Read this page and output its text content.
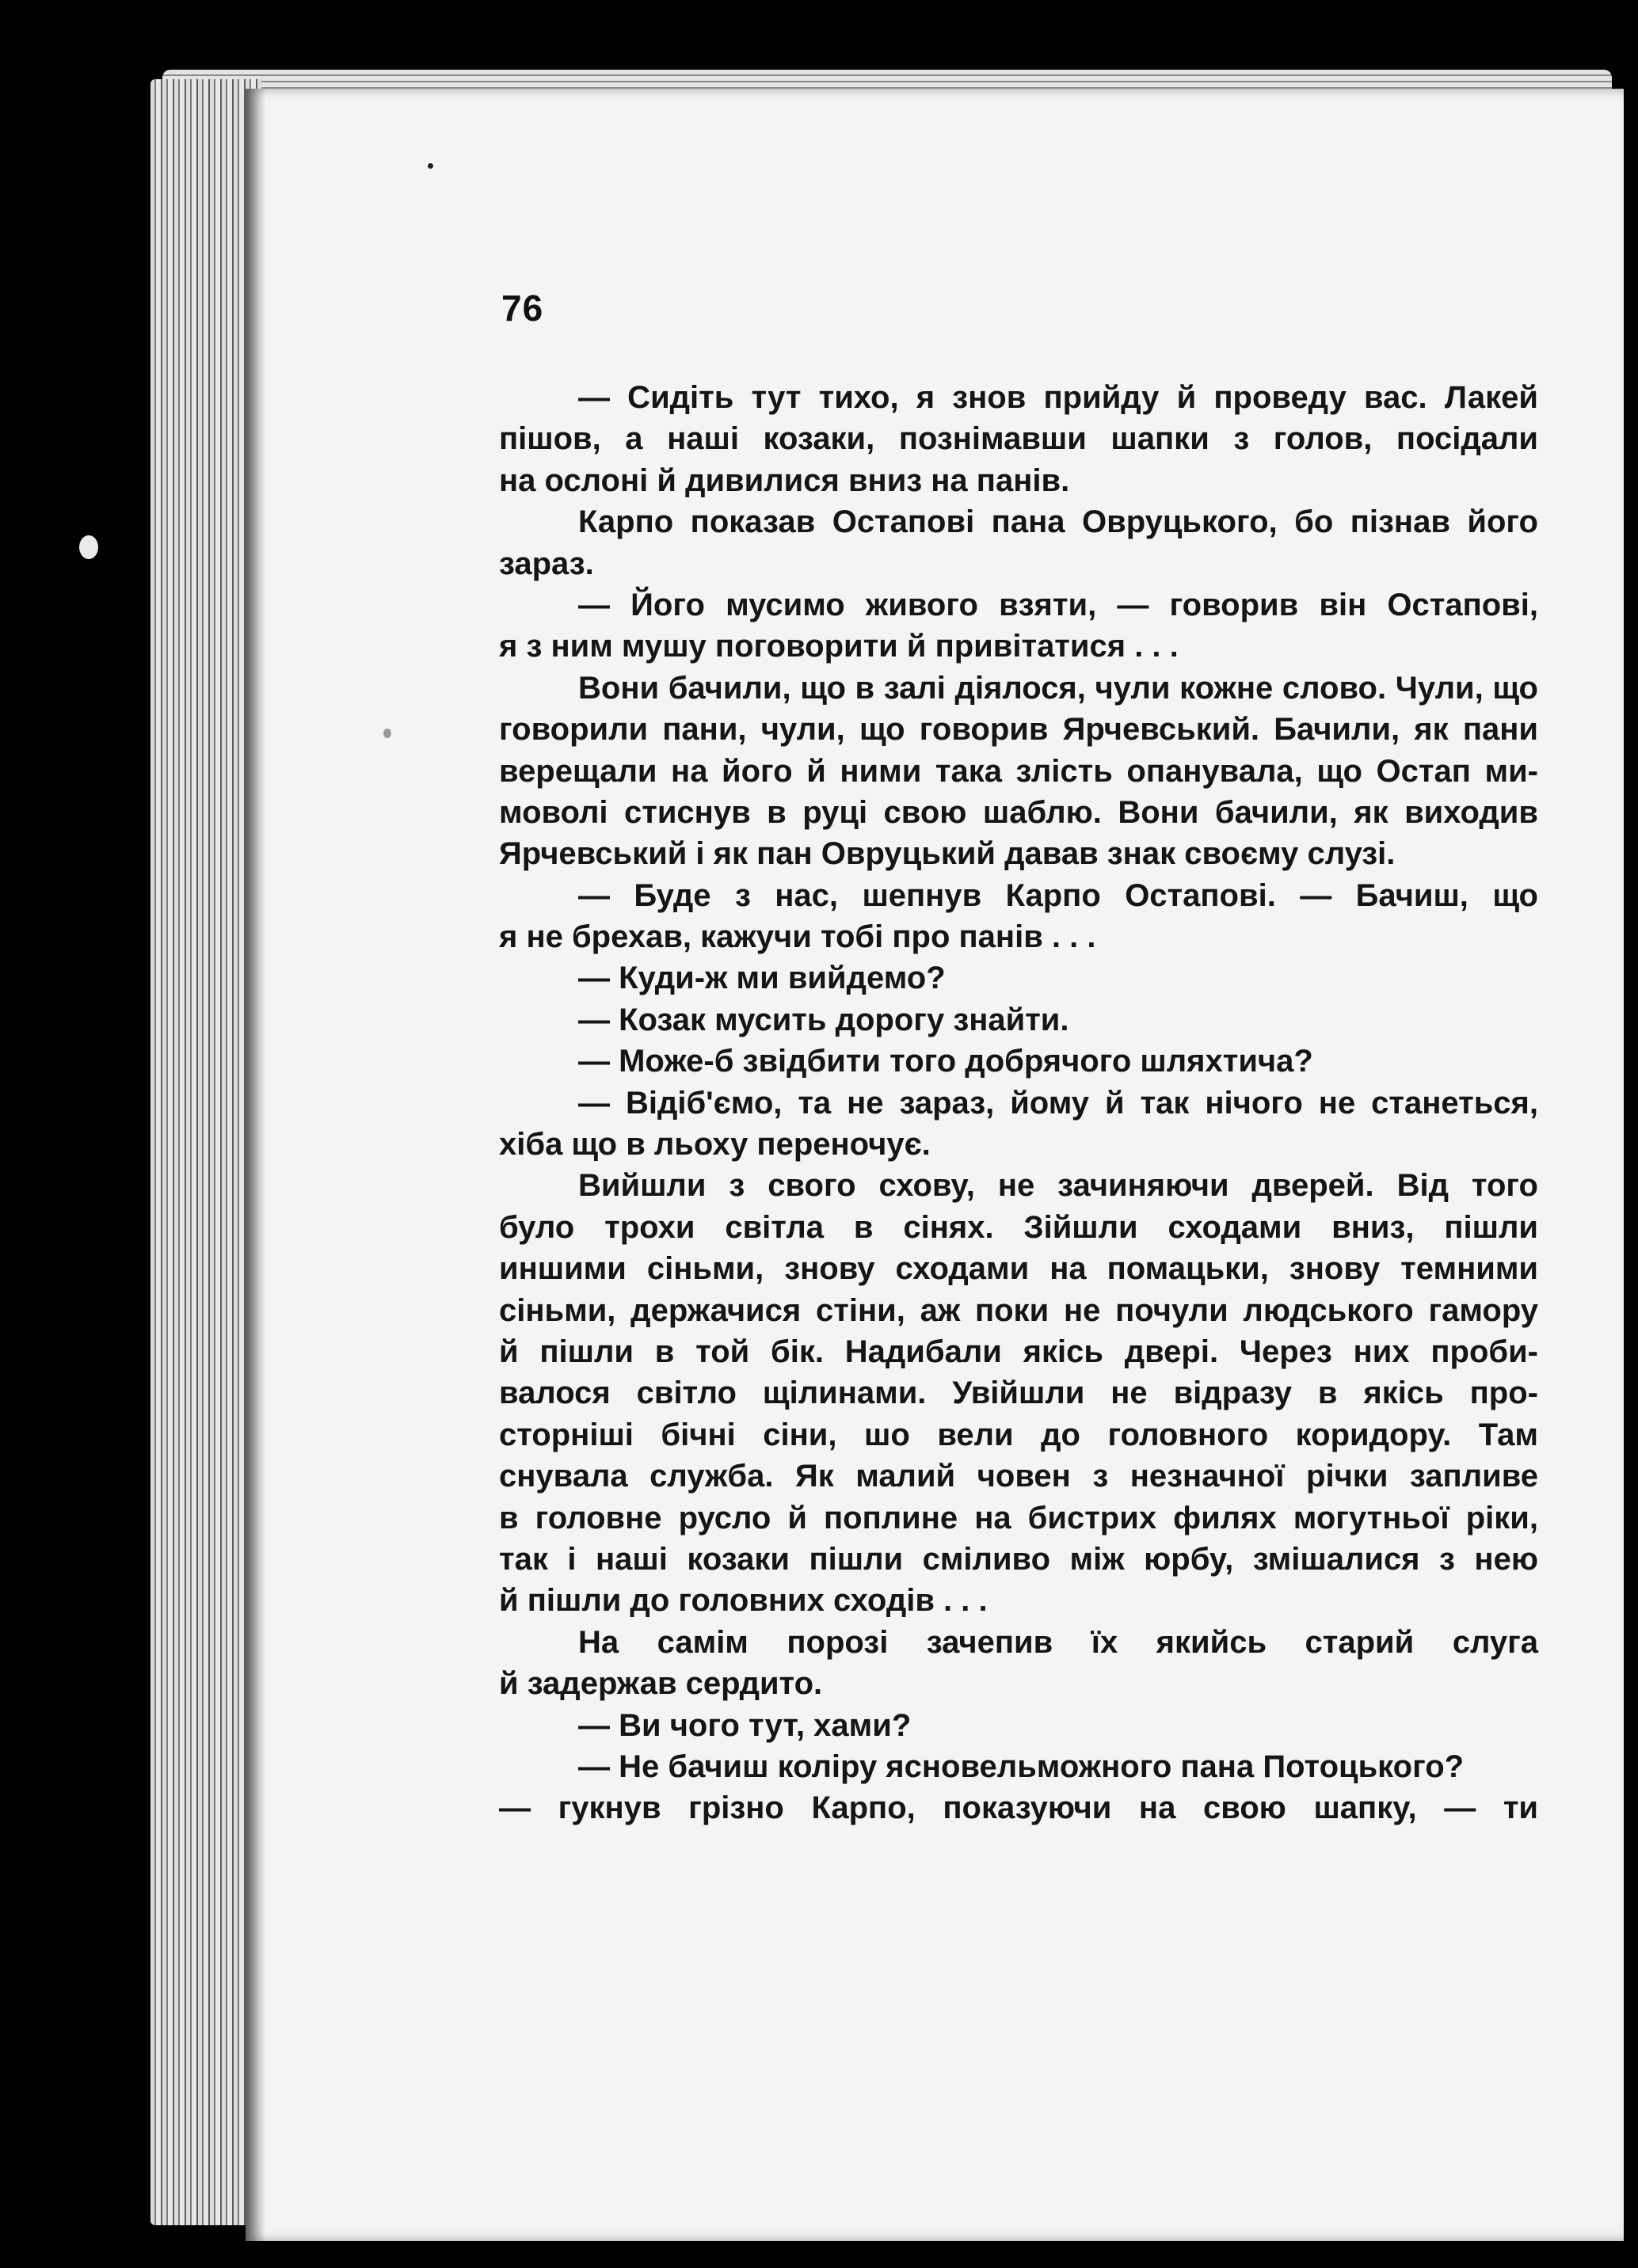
76
— Сидіть тут тихо, я знов прийду й проведу вас. Лакей
пішов, а наші козаки, познімавши шапки з голов, посідали
на ослоні й дивилися вниз на панів.
Карпо показав Остапові пана Овруцького, бо пізнав його
зараз.
— Його мусимо живого взяти, — говорив він Остапові,
я з ним мушу поговорити й привітатися . . .
Вони бачили, що в залі діялося, чули кожне слово. Чули, що
говорили пани, чули, що говорив Ярчевський. Бачили, як пани
верещали на його й ними така злість опанувала, що Остап ми-
моволі стиснув в руці свою шаблю. Вони бачили, як виходив
Ярчевський і як пан Овруцький давав знак своєму слузі.
— Буде з нас, шепнув Карпо Остапові. — Бачиш, що
я не брехав, кажучи тобі про панів . . .
— Куди-ж ми вийдемо?
— Козак мусить дорогу знайти.
— Може-б звідбити того добрячого шляхтича?
— Відіб'ємо, та не зараз, йому й так нічого не станеться,
хіба що в льоху переночує.
Вийшли з свого схову, не зачиняючи дверей. Від того
було трохи світла в сінях. Зійшли сходами вниз, пішли
иншими сіньми, знову сходами на помацьки, знову темними
сіньми, держачися стіни, аж поки не почули людського гамору
й пішли в той бік. Надибали якісь двері. Через них проби-
валося світло щілинами. Увійшли не відразу в якісь про-
сторніші бічні сіни, шо вели до головного коридору. Там
снувала служба. Як малий човен з незначної річки запливе
в головне русло й поплине на бистрих филях могутньої ріки,
так і наші козаки пішли сміливо між юрбу, змішалися з нею
й пішли до головних сходів . . .
На самім порозі зачепив їх якийсь старий слуга
й задержав сердито.
— Ви чого тут, хами?
— Не бачиш коліру ясновельможного пана Потоцького?
— гукнув грізно Карпо, показуючи на свою шапку, — ти
